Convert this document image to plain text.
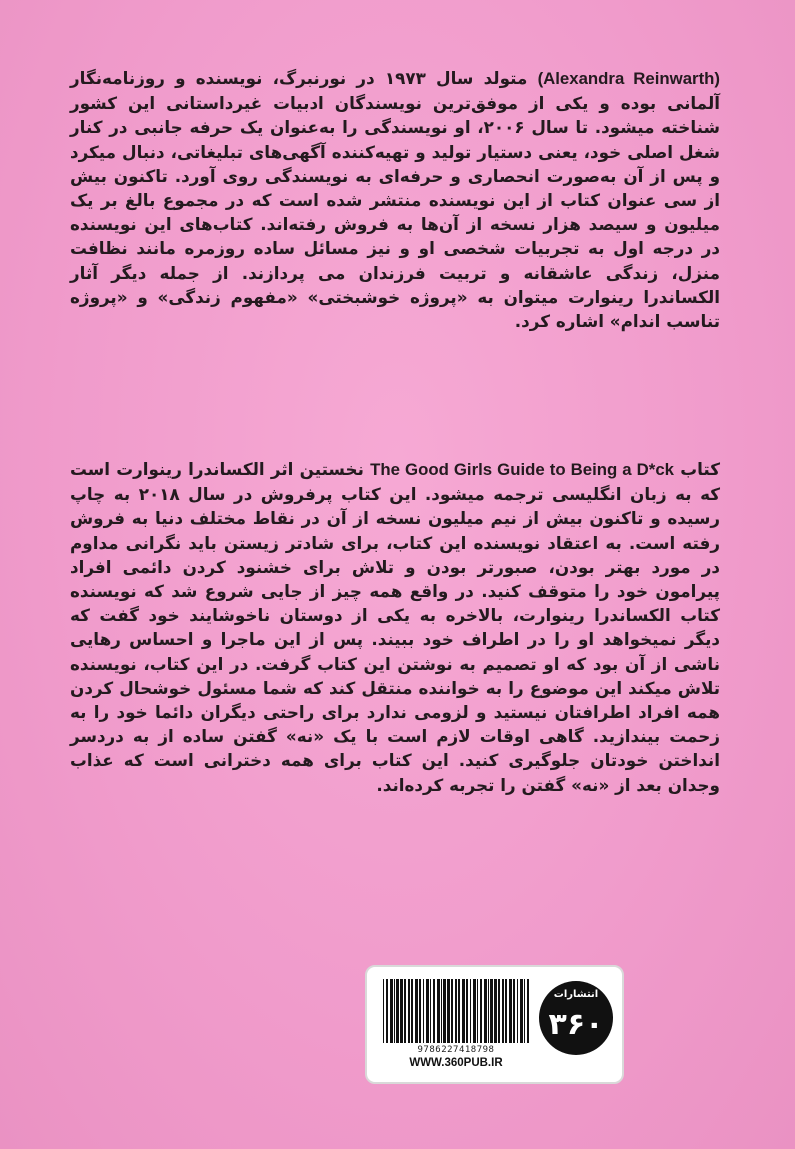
(Alexandra Reinwarth) متولد سال ۱۹۷۳ در نورنبرگ، نویسنده و روزنامه‌نگار آلمانی بوده و یکی از موفق‌ترین نویسندگان ادبیات غیرداستانی این کشور شناخته میشود. تا سال ۲۰۰۶، او نویسندگی را به‌عنوان یک حرفه جانبی در کنار شغل اصلی خود، یعنی دستیار تولید و تهیه‌کننده آگهی‌های تبلیغاتی، دنبال میکرد و پس از آن به‌صورت انحصاری و حرفه‌ای به نویسندگی روی آورد. تاکنون بیش از سی عنوان کتاب از این نویسنده منتشر شده است که در مجموع بالغ بر یک میلیون و سیصد هزار نسخه از آن‌ها به فروش رفته‌اند. کتاب‌های این نویسنده در درجه اول به تجربیات شخصی او و نیز مسائل ساده روزمره مانند نظافت منزل، زندگی عاشقانه و تربیت فرزندان می پردازند. از جمله دیگر آثار الکساندرا رینوارت میتوان به «پروژه خوشبختی» «مفهوم زندگی» و «پروژه تناسب اندام» اشاره کرد.

کتاب The Good Girls Guide to Being a D*ck نخستین اثر الکساندرا رینوارت است که به زبان انگلیسی ترجمه میشود. این کتاب پرفروش در سال ۲۰۱۸ به چاپ رسیده و تاکنون بیش از نیم میلیون نسخه از آن در نقاط مختلف دنیا به فروش رفته است. به اعتقاد نویسنده این کتاب، برای شادتر زیستن باید نگرانی مداوم در مورد بهتر بودن، صبورتر بودن و تلاش برای خشنود کردن دائمی افراد پیرامون خود را متوقف کنید. در واقع همه چیز از جایی شروع شد که نویسنده کتاب الکساندرا رینوارت، بالاخره به یکی از دوستان ناخوشایند خود گفت که دیگر نمیخواهد او را در اطراف خود ببیند. پس از این ماجرا و احساس رهایی ناشی از آن بود که او تصمیم به نوشتن این کتاب گرفت. در این کتاب، نویسنده تلاش میکند این موضوع را به خواننده منتقل کند که شما مسئول خوشحال کردن همه افراد اطرافتان نیستید و لزومی ندارد برای راحتی دیگران دائما خود را به زحمت بیندازید. گاهی اوقات لازم است با یک «نه» گفتن ساده از به دردسر انداختن خودتان جلوگیری کنید. این کتاب برای همه دخترانی است که عذاب وجدان بعد از «نه» گفتن را تجربه کرده‌اند.

9786227418798
WWW.360PUB.IR
انتشارات
۳۶۰
